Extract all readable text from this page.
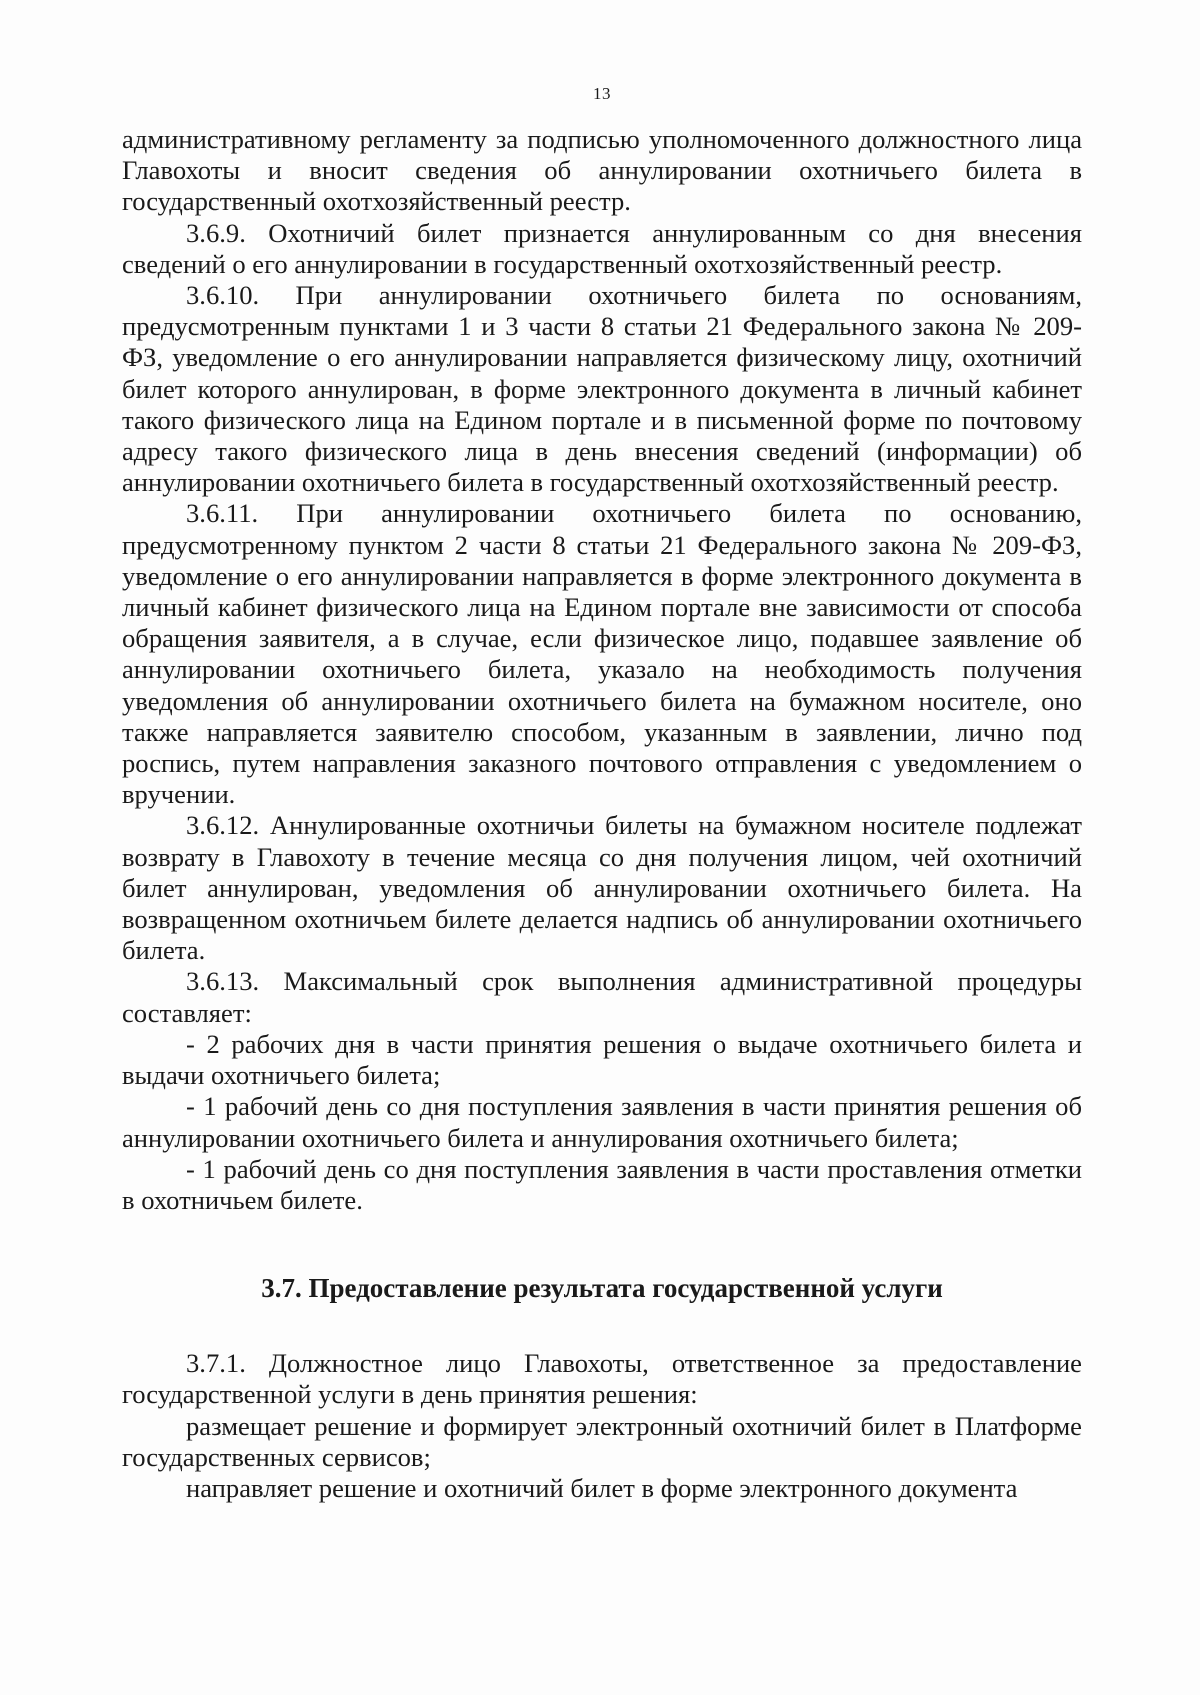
13

административному регламенту за подписью уполномоченного должностного лица Главохоты и вносит сведения об аннулировании охотничьего билета в государственный охотхозяйственный реестр.

3.6.9. Охотничий билет признается аннулированным со дня внесения сведений о его аннулировании в государственный охотхозяйственный реестр.

3.6.10. При аннулировании охотничьего билета по основаниям, предусмотренным пунктами 1 и 3 части 8 статьи 21 Федерального закона № 209-ФЗ, уведомление о его аннулировании направляется физическому лицу, охотничий билет которого аннулирован, в форме электронного документа в личный кабинет такого физического лица на Едином портале и в письменной форме по почтовому адресу такого физического лица в день внесения сведений (информации) об аннулировании охотничьего билета в государственный охотхозяйственный реестр.

3.6.11. При аннулировании охотничьего билета по основанию, предусмотренному пунктом 2 части 8 статьи 21 Федерального закона № 209-ФЗ, уведомление о его аннулировании направляется в форме электронного документа в личный кабинет физического лица на Едином портале вне зависимости от способа обращения заявителя, а в случае, если физическое лицо, подавшее заявление об аннулировании охотничьего билета, указало на необходимость получения уведомления об аннулировании охотничьего билета на бумажном носителе, оно также направляется заявителю способом, указанным в заявлении, лично под роспись, путем направления заказного почтового отправления с уведомлением о вручении.

3.6.12. Аннулированные охотничьи билеты на бумажном носителе подлежат возврату в Главохоту в течение месяца со дня получения лицом, чей охотничий билет аннулирован, уведомления об аннулировании охотничьего билета. На возвращенном охотничьем билете делается надпись об аннулировании охотничьего билета.

3.6.13. Максимальный срок выполнения административной процедуры составляет:

- 2 рабочих дня в части принятия решения о выдаче охотничьего билета и выдачи охотничьего билета;

- 1 рабочий день со дня поступления заявления в части принятия решения об аннулировании охотничьего билета и аннулирования охотничьего билета;

- 1 рабочий день со дня поступления заявления в части проставления отметки в охотничьем билете.

3.7. Предоставление результата государственной услуги

3.7.1. Должностное лицо Главохоты, ответственное за предоставление государственной услуги в день принятия решения:

размещает решение и формирует электронный охотничий билет в Платформе государственных сервисов;

направляет решение и охотничий билет в форме электронного документа
